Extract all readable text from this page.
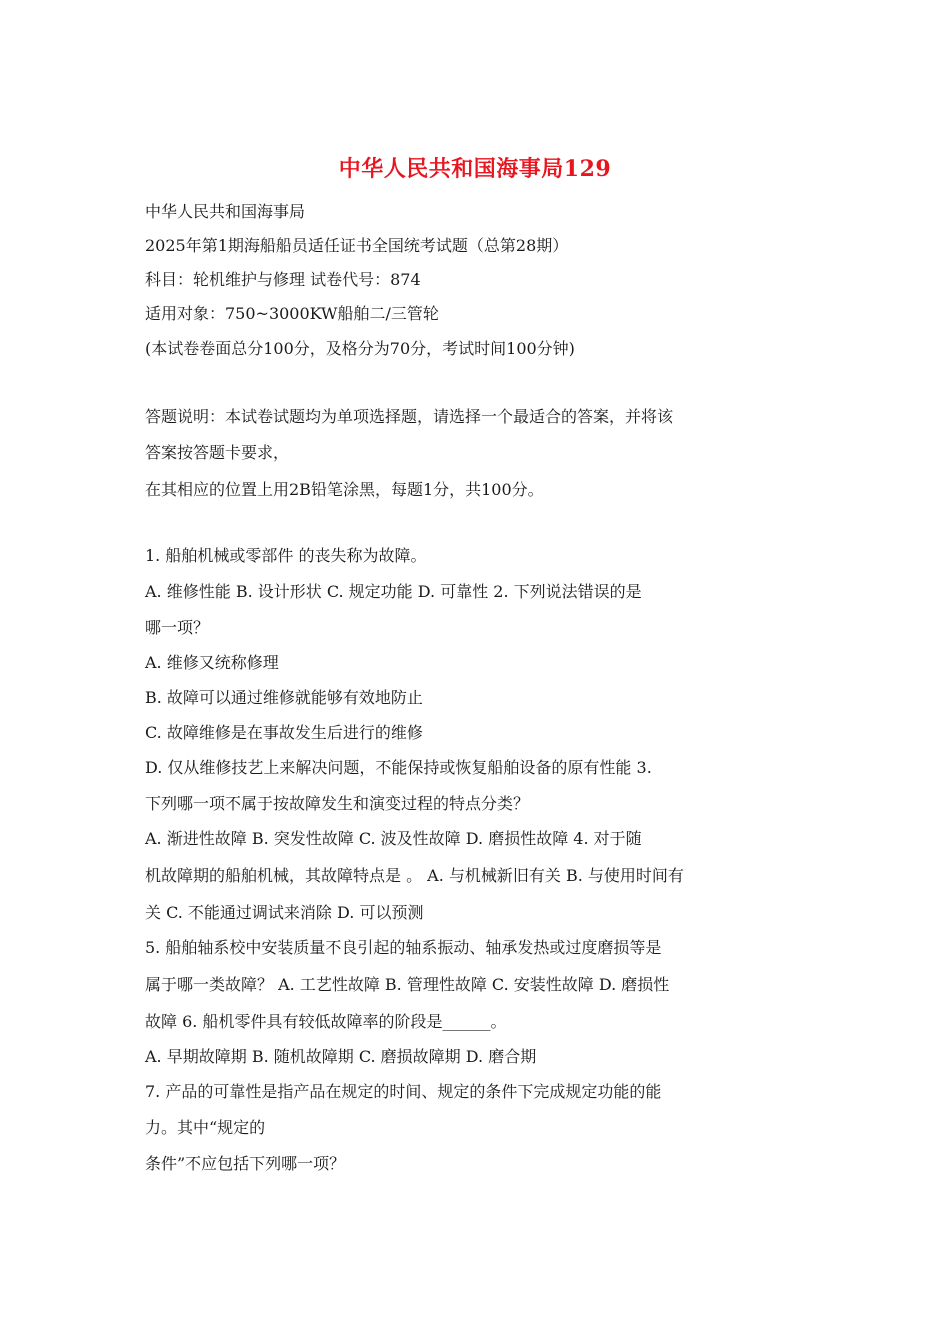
中华人民共和国海事局129
中华人民共和国海事局
2025年第1期海船船员适任证书全国统考试题（总第28期）
科目：轮机维护与修理 试卷代号：874
适用对象：750~3000KW船舶二/三管轮
(本试卷卷面总分100分，及格分为70分，考试时间100分钟)
答题说明：本试卷试题均为单项选择题，请选择一个最适合的答案，并将该
答案按答题卡要求，
在其相应的位置上用2B铅笔涂黑，每题1分，共100分。
1. 船舶机械或零部件 的丧失称为故障。
A. 维修性能 B. 设计形状 C. 规定功能 D. 可靠性 2. 下列说法错误的是
哪一项？
A. 维修又统称修理
B. 故障可以通过维修就能够有效地防止
C. 故障维修是在事故发生后进行的维修
D. 仅从维修技艺上来解决问题，不能保持或恢复船舶设备的原有性能 3.
下列哪一项不属于按故障发生和演变过程的特点分类？
A. 渐进性故障 B. 突发性故障 C. 波及性故障 D. 磨损性故障 4. 对于随
机故障期的船舶机械，其故障特点是 。 A. 与机械新旧有关 B. 与使用时间有
关 C. 不能通过调试来消除 D. 可以预测
5. 船舶轴系校中安装质量不良引起的轴系振动、轴承发热或过度磨损等是
属于哪一类故障？ A. 工艺性故障 B. 管理性故障 C. 安装性故障 D. 磨损性
故障 6. 船机零件具有较低故障率的阶段是______。
A. 早期故障期 B. 随机故障期 C. 磨损故障期 D. 磨合期
7. 产品的可靠性是指产品在规定的时间、规定的条件下完成规定功能的能
力。其中“规定的
条件”不应包括下列哪一项？
